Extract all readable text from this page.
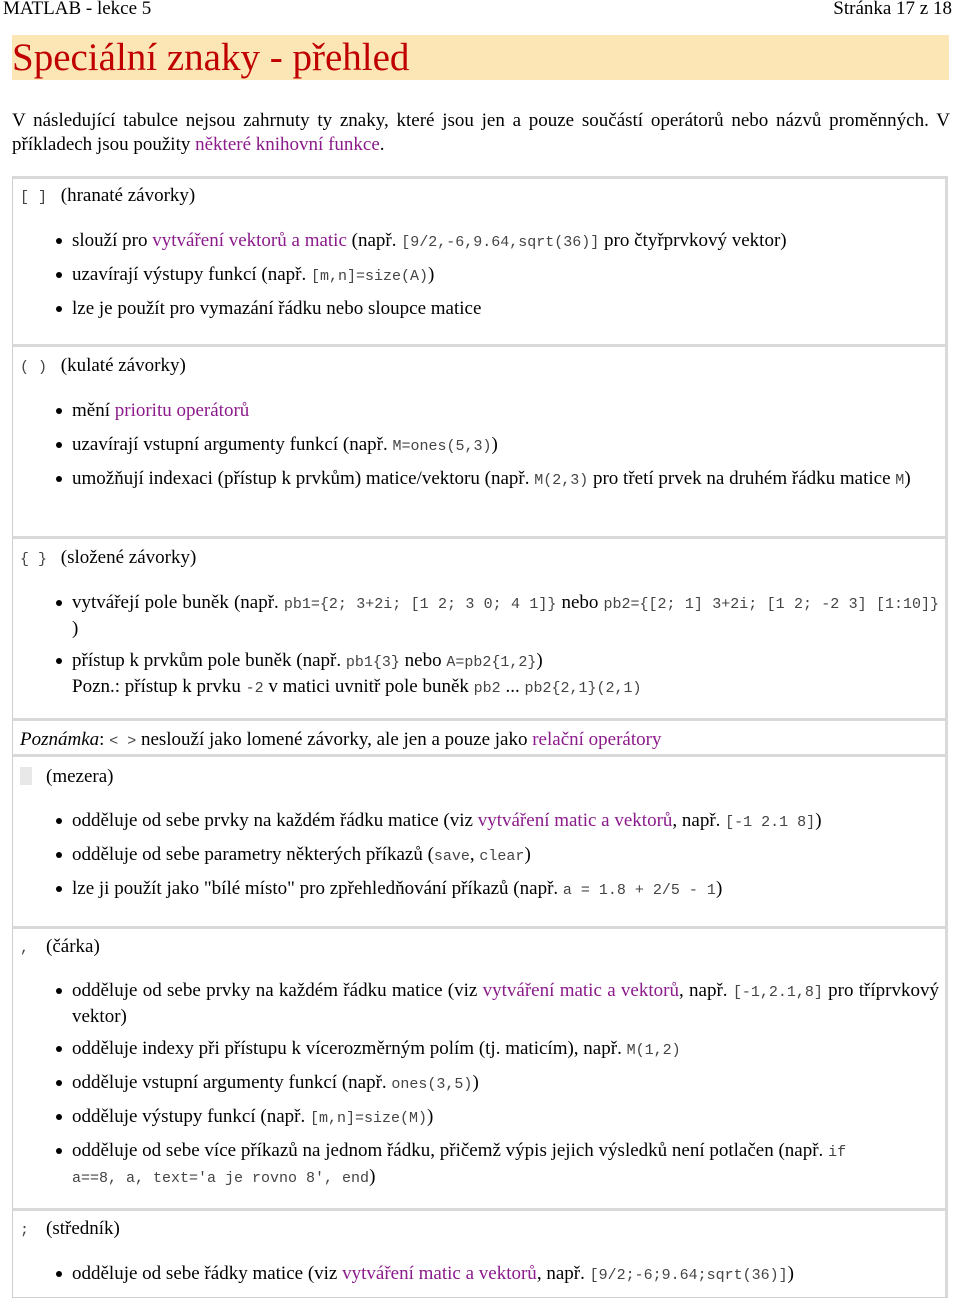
MATLAB - lekce 5	Stránka 17 z 18
Speciální znaky - přehled
V následující tabulce nejsou zahrnuty ty znaky, které jsou jen a pouze součástí operátorů nebo názvů proměnných. V příkladech jsou použity některé knihovní funkce.
[ ] (hranaté závorky)
slouží pro vytváření vektorů a matic (např. [9/2,-6,9.64,sqrt(36)] pro čtyřprvkový vektor)
uzavírají výstupy funkcí (např. [m,n]=size(A))
lze je použít pro vymazání řádku nebo sloupce matice
( ) (kulaté závorky)
mění prioritu operátorů
uzavírají vstupní argumenty funkcí (např. M=ones(5,3))
umožňují indexaci (přístup k prvkům) matice/vektoru (např. M(2,3) pro třetí prvek na druhém řádku matice M)
{ } (složené závorky)
vytvářejí pole buněk (např. pb1={2; 3+2i; [1 2; 3 0; 4 1]} nebo pb2={[2; 1] 3+2i; [1 2; -2 3] [1:10]} )
přístup k prvkům pole buněk (např. pb1{3} nebo A=pb2{1,2})
Pozn.: přístup k prvku -2 v matici uvnitř pole buněk pb2 ... pb2{2,1}(2,1)
Poznámka: < > neslouží jako lomené závorky, ale jen a pouze jako relační operátory
(mezera)
odděluje od sebe prvky na každém řádku matice (viz vytváření matic a vektorů, např. [-1 2.1 8])
odděluje od sebe parametry některých příkazů (save, clear)
lze ji použít jako "bílé místo" pro zpřehledňování příkazů (např. a = 1.8 + 2/5 - 1)
, (čárka)
odděluje od sebe prvky na každém řádku matice (viz vytváření matic a vektorů, např. [-1,2.1,8] pro tříprvkový vektor)
odděluje indexy při přístupu k vícerozměrným polím (tj. maticím), např. M(1,2)
odděluje vstupní argumenty funkcí (např. ones(3,5))
odděluje výstupy funkcí (např. [m,n]=size(M))
odděluje od sebe více příkazů na jednom řádku, přičemž výpis jejich výsledků není potlačen (např. if a==8, a, text='a je rovno 8', end)
; (středník)
odděluje od sebe řádky matice (viz vytváření matic a vektorů, např. [9/2;-6;9.64;sqrt(36)])
